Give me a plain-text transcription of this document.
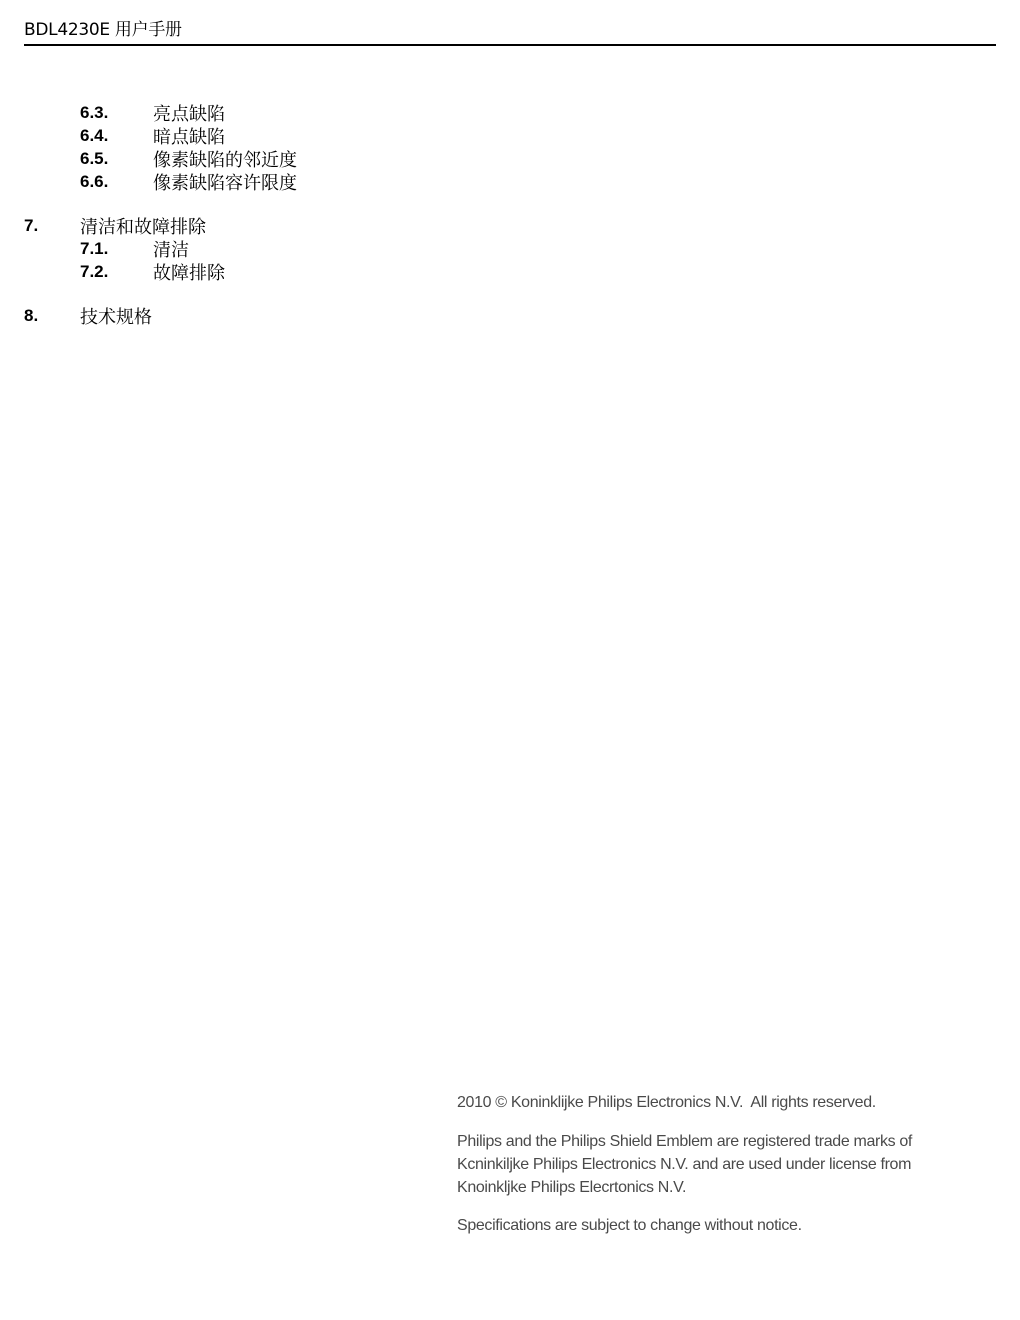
BDL4230E 用户手册
6.3.	亮点缺陷
6.4.	暗点缺陷
6.5.	像素缺陷的邻近度
6.6.	像素缺陷容许限度
7.	清洁和故障排除
7.1.	清洁
7.2.	故障排除
8.	技术规格
2010 © Koninklijke Philips Electronics N.V.  All rights reserved.
Philips and the Philips Shield Emblem are registered trade marks of
Kcninkiljke Philips Electronics N.V. and are used under license from
Knoinkljke Philips Elecrtonics N.V.
Specifications are subject to change without notice.
